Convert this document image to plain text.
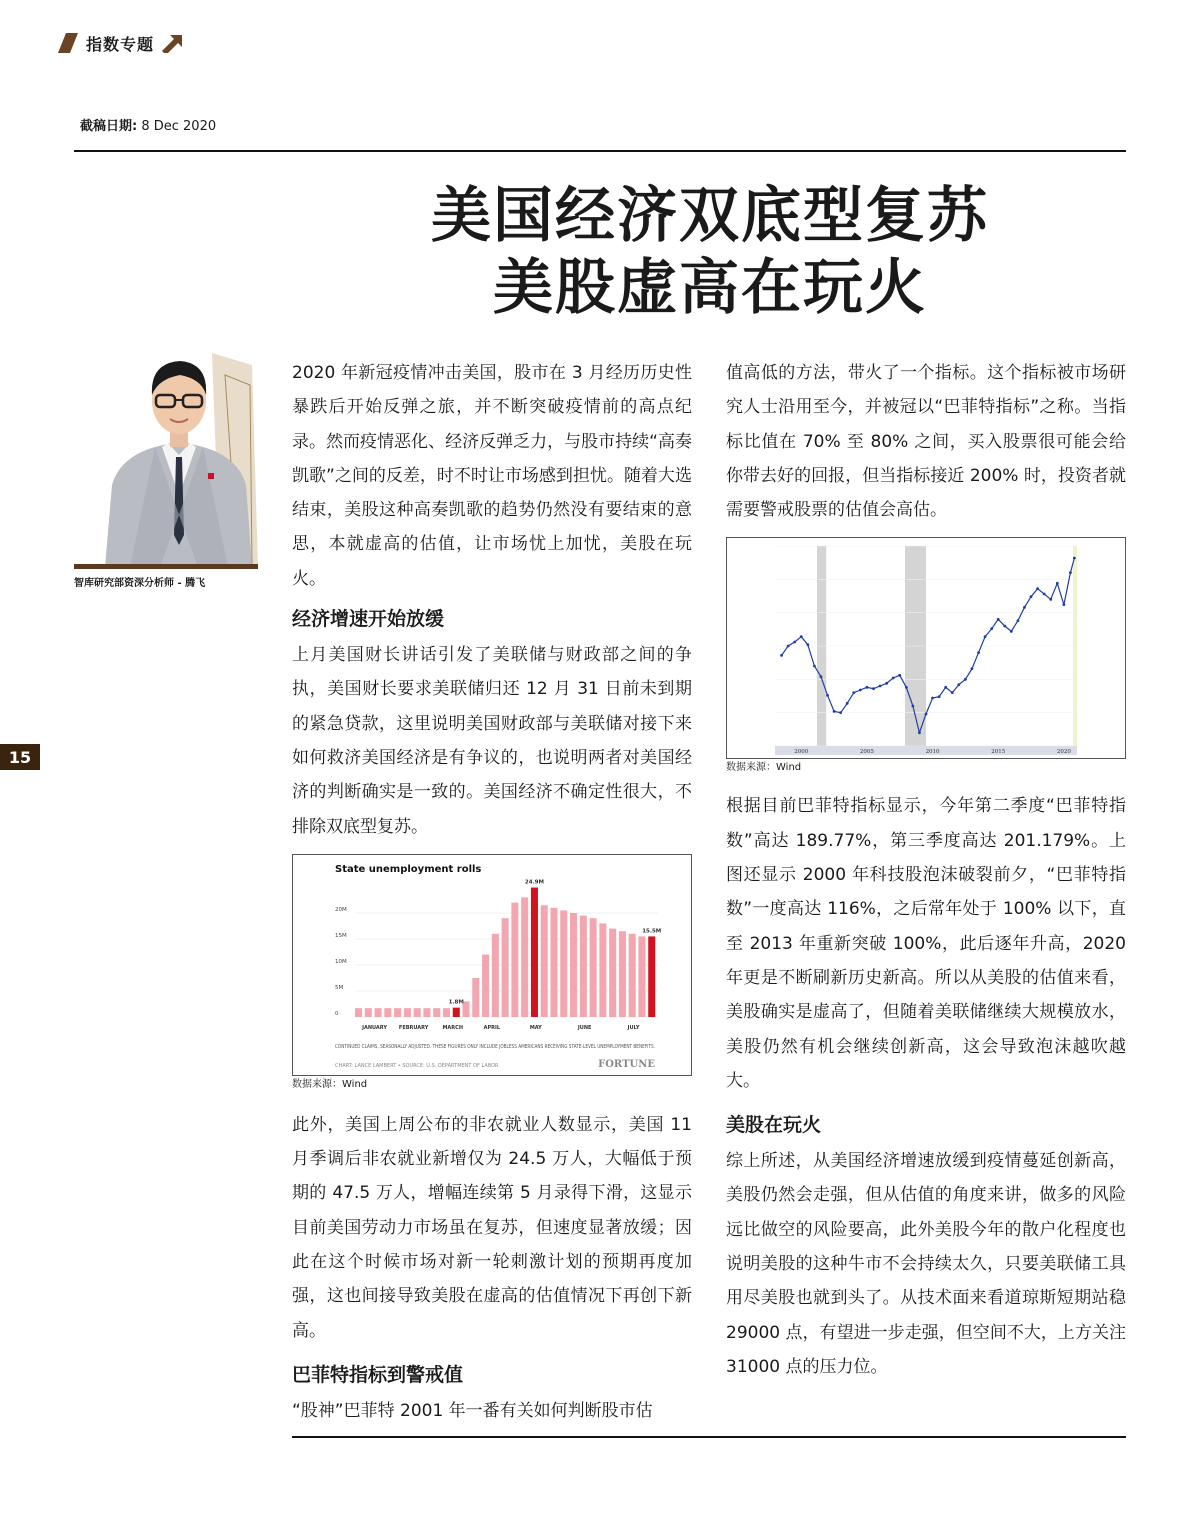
指数专题
截稿日期: 8 Dec 2020
美国经济双底型复苏
美股虚高在玩火
智库研究部资深分析师 - 腾飞
15

2020 年新冠疫情冲击美国，股市在 3 月经历历史性暴跌后开始反弹之旅，并不断突破疫情前的高点纪录。然而疫情恶化、经济反弹乏力，与股市持续“高奏凯歌”之间的反差，时不时让市场感到担忧。随着大选结束，美股这种高奏凯歌的趋势仍然没有要结束的意思，本就虚高的估值，让市场忧上加忧，美股在玩火。

经济增速开始放缓

上月美国财长讲话引发了美联储与财政部之间的争执，美国财长要求美联储归还 12 月 31 日前未到期的紧急贷款，这里说明美国财政部与美联储对接下来如何救济美国经济是有争议的，也说明两者对美国经济的判断确实是一致的。美国经济不确定性很大，不排除双底型复苏。

State unemployment rolls
0
5M
10M
15M
20M
1.8M
24.9M
15.5M
JANUARY FEBRUARY	MARCH	APRIL	MAY	JUNE	JULY
CONTINUED CLAIMS, SEASONALLY ADJUSTED. THESE FIGURES ONLY INCLUDE JOBLESS AMERICANS RECEIVING STATE-LEVEL UNEMPLOYMENT BENEFITS.
CHART: LANCE LAMBERT • SOURCE: U.S. DEPARTMENT OF LABOR	FORTUNE
数据来源：Wind

此外，美国上周公布的非农就业人数显示，美国 11 月季调后非农就业新增仅为 24.5 万人，大幅低于预期的 47.5 万人，增幅连续第 5 月录得下滑，这显示目前美国劳动力市场虽在复苏，但速度显著放缓；因此在这个时候市场对新一轮刺激计划的预期再度加强，这也间接导致美股在虚高的估值情况下再创下新高。

巴菲特指标到警戒值

“股神”巴菲特 2001 年一番有关如何判断股市估

值高低的方法，带火了一个指标。这个指标被市场研究人士沿用至今，并被冠以“巴菲特指标”之称。当指标比值在 70% 至 80% 之间，买入股票很可能会给你带去好的回报，但当指标接近 200% 时，投资者就需要警戒股票的估值会高估。

2000	2005	2010	2015	2020
数据来源：Wind

根据目前巴菲特指标显示，今年第二季度“巴菲特指数”高达 189.77%，第三季度高达 201.179%。上图还显示 2000 年科技股泡沫破裂前夕，“巴菲特指数”一度高达 116%，之后常年处于 100% 以下，直至 2013 年重新突破 100%，此后逐年升高，2020 年更是不断刷新历史新高。所以从美股的估值来看，美股确实是虚高了，但随着美联储继续大规模放水，美股仍然有机会继续创新高，这会导致泡沫越吹越大。

美股在玩火

综上所述，从美国经济增速放缓到疫情蔓延创新高，美股仍然会走强，但从估值的角度来讲，做多的风险远比做空的风险要高，此外美股今年的散户化程度也说明美股的这种牛市不会持续太久，只要美联储工具用尽美股也就到头了。从技术面来看道琼斯短期站稳 29000 点，有望进一步走强，但空间不大，上方关注 31000 点的压力位。
